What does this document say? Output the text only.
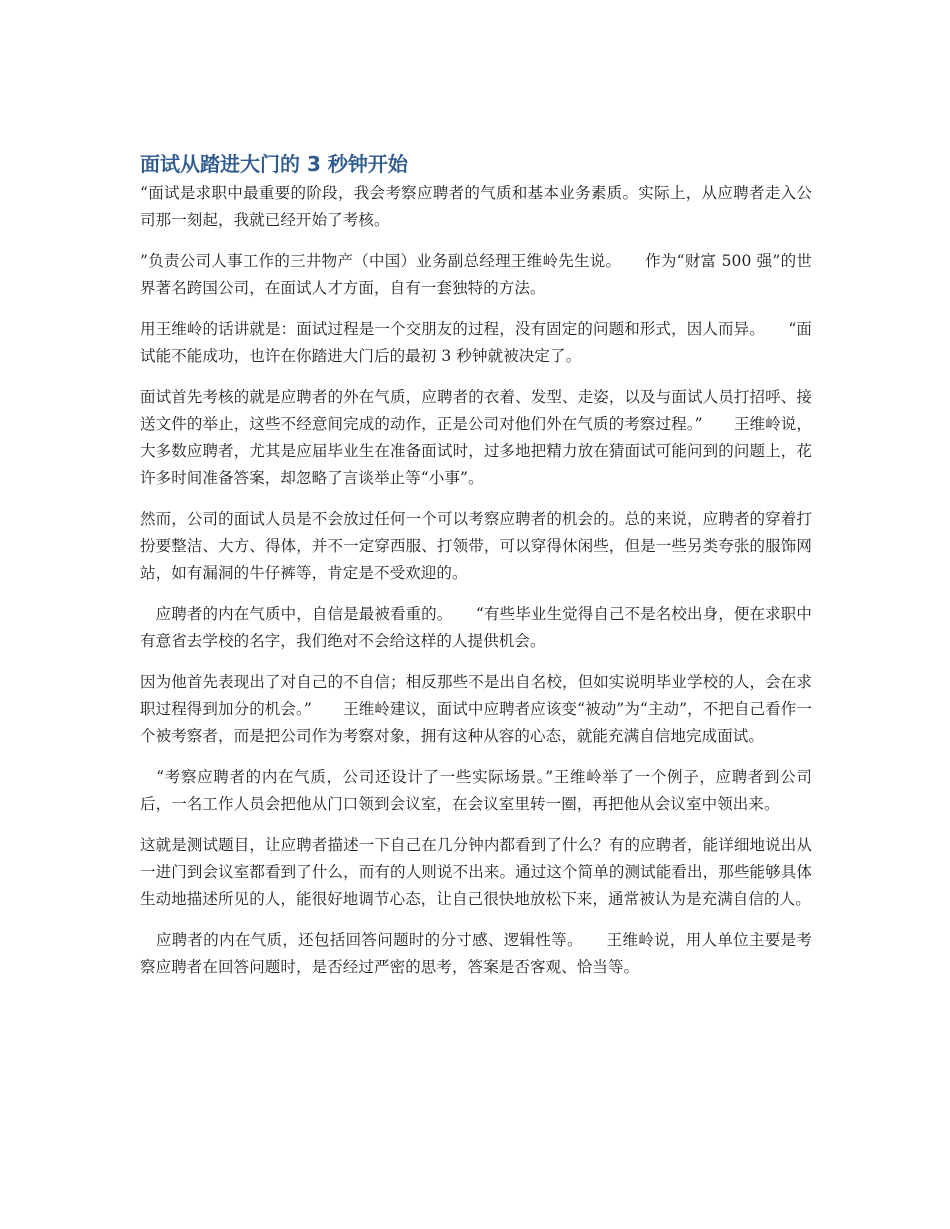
面试从踏进大门的 3 秒钟开始

“面试是求职中最重要的阶段，我会考察应聘者的气质和基本业务素质。实际上，从应聘者走入公司那一刻起，我就已经开始了考核。

”负责公司人事工作的三井物产（中国）业务副总经理王维岭先生说。　　作为“财富 500 强”的世界著名跨国公司，在面试人才方面，自有一套独特的方法。

用王维岭的话讲就是：面试过程是一个交朋友的过程，没有固定的问题和形式，因人而异。　　“面试能不能成功，也许在你踏进大门后的最初 3 秒钟就被决定了。

面试首先考核的就是应聘者的外在气质，应聘者的衣着、发型、走姿，以及与面试人员打招呼、接送文件的举止，这些不经意间完成的动作，正是公司对他们外在气质的考察过程。”　　王维岭说，大多数应聘者，尤其是应届毕业生在准备面试时，过多地把精力放在猜面试可能问到的问题上，花许多时间准备答案，却忽略了言谈举止等“小事”。

然而，公司的面试人员是不会放过任何一个可以考察应聘者的机会的。总的来说，应聘者的穿着打扮要整洁、大方、得体，并不一定穿西服、打领带，可以穿得休闲些，但是一些另类夸张的服饰网站，如有漏洞的牛仔裤等，肯定是不受欢迎的。

　应聘者的内在气质中，自信是最被看重的。　　“有些毕业生觉得自己不是名校出身，便在求职中有意省去学校的名字，我们绝对不会给这样的人提供机会。

因为他首先表现出了对自己的不自信；相反那些不是出自名校，但如实说明毕业学校的人，会在求职过程得到加分的机会。”　　王维岭建议，面试中应聘者应该变“被动”为“主动”，不把自己看作一个被考察者，而是把公司作为考察对象，拥有这种从容的心态，就能充满自信地完成面试。

　“考察应聘者的内在气质，公司还设计了一些实际场景。”王维岭举了一个例子，应聘者到公司后，一名工作人员会把他从门口领到会议室，在会议室里转一圈，再把他从会议室中领出来。

这就是测试题目，让应聘者描述一下自己在几分钟内都看到了什么？有的应聘者，能详细地说出从一进门到会议室都看到了什么，而有的人则说不出来。通过这个简单的测试能看出，那些能够具体生动地描述所见的人，能很好地调节心态，让自己很快地放松下来，通常被认为是充满自信的人。

　应聘者的内在气质，还包括回答问题时的分寸感、逻辑性等。　　王维岭说，用人单位主要是考察应聘者在回答问题时，是否经过严密的思考，答案是否客观、恰当等。
